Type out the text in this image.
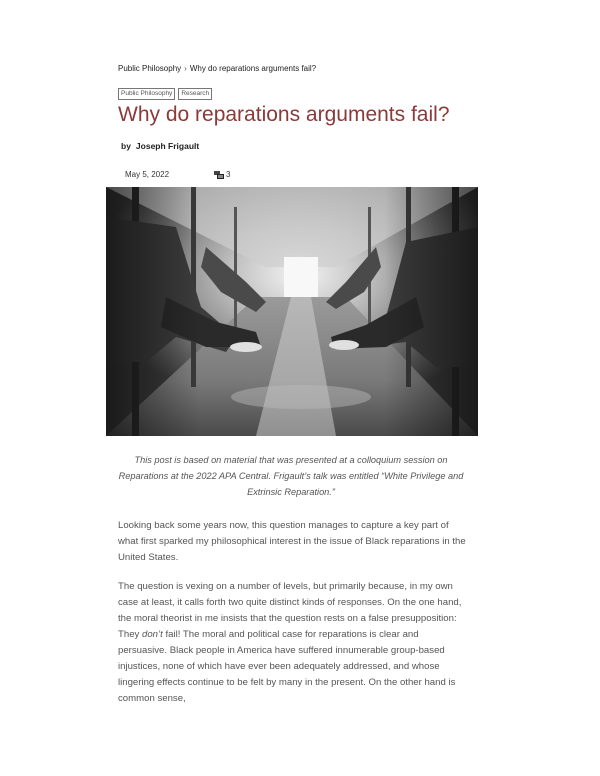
Public Philosophy › Why do reparations arguments fail?
Public Philosophy	Research
Why do reparations arguments fail?
by Joseph Frigault
May 5, 2022	3
This post is based on material that was presented at a colloquium session on Reparations at the 2022 APA Central. Frigault’s talk was entitled “White Privilege and Extrinsic Reparation.”

Looking back some years now, this question manages to capture a key part of what first sparked my philosophical interest in the issue of Black reparations in the United States.

The question is vexing on a number of levels, but primarily because, in my own case at least, it calls forth two quite distinct kinds of responses. On the one hand, the moral theorist in me insists that the question rests on a false presupposition: They don’t fail! The moral and political case for reparations is clear and persuasive. Black people in America have suffered innumerable group-based injustices, none of which have ever been adequately addressed, and whose lingering effects continue to be felt by many in the present. On the other hand is common sense,
